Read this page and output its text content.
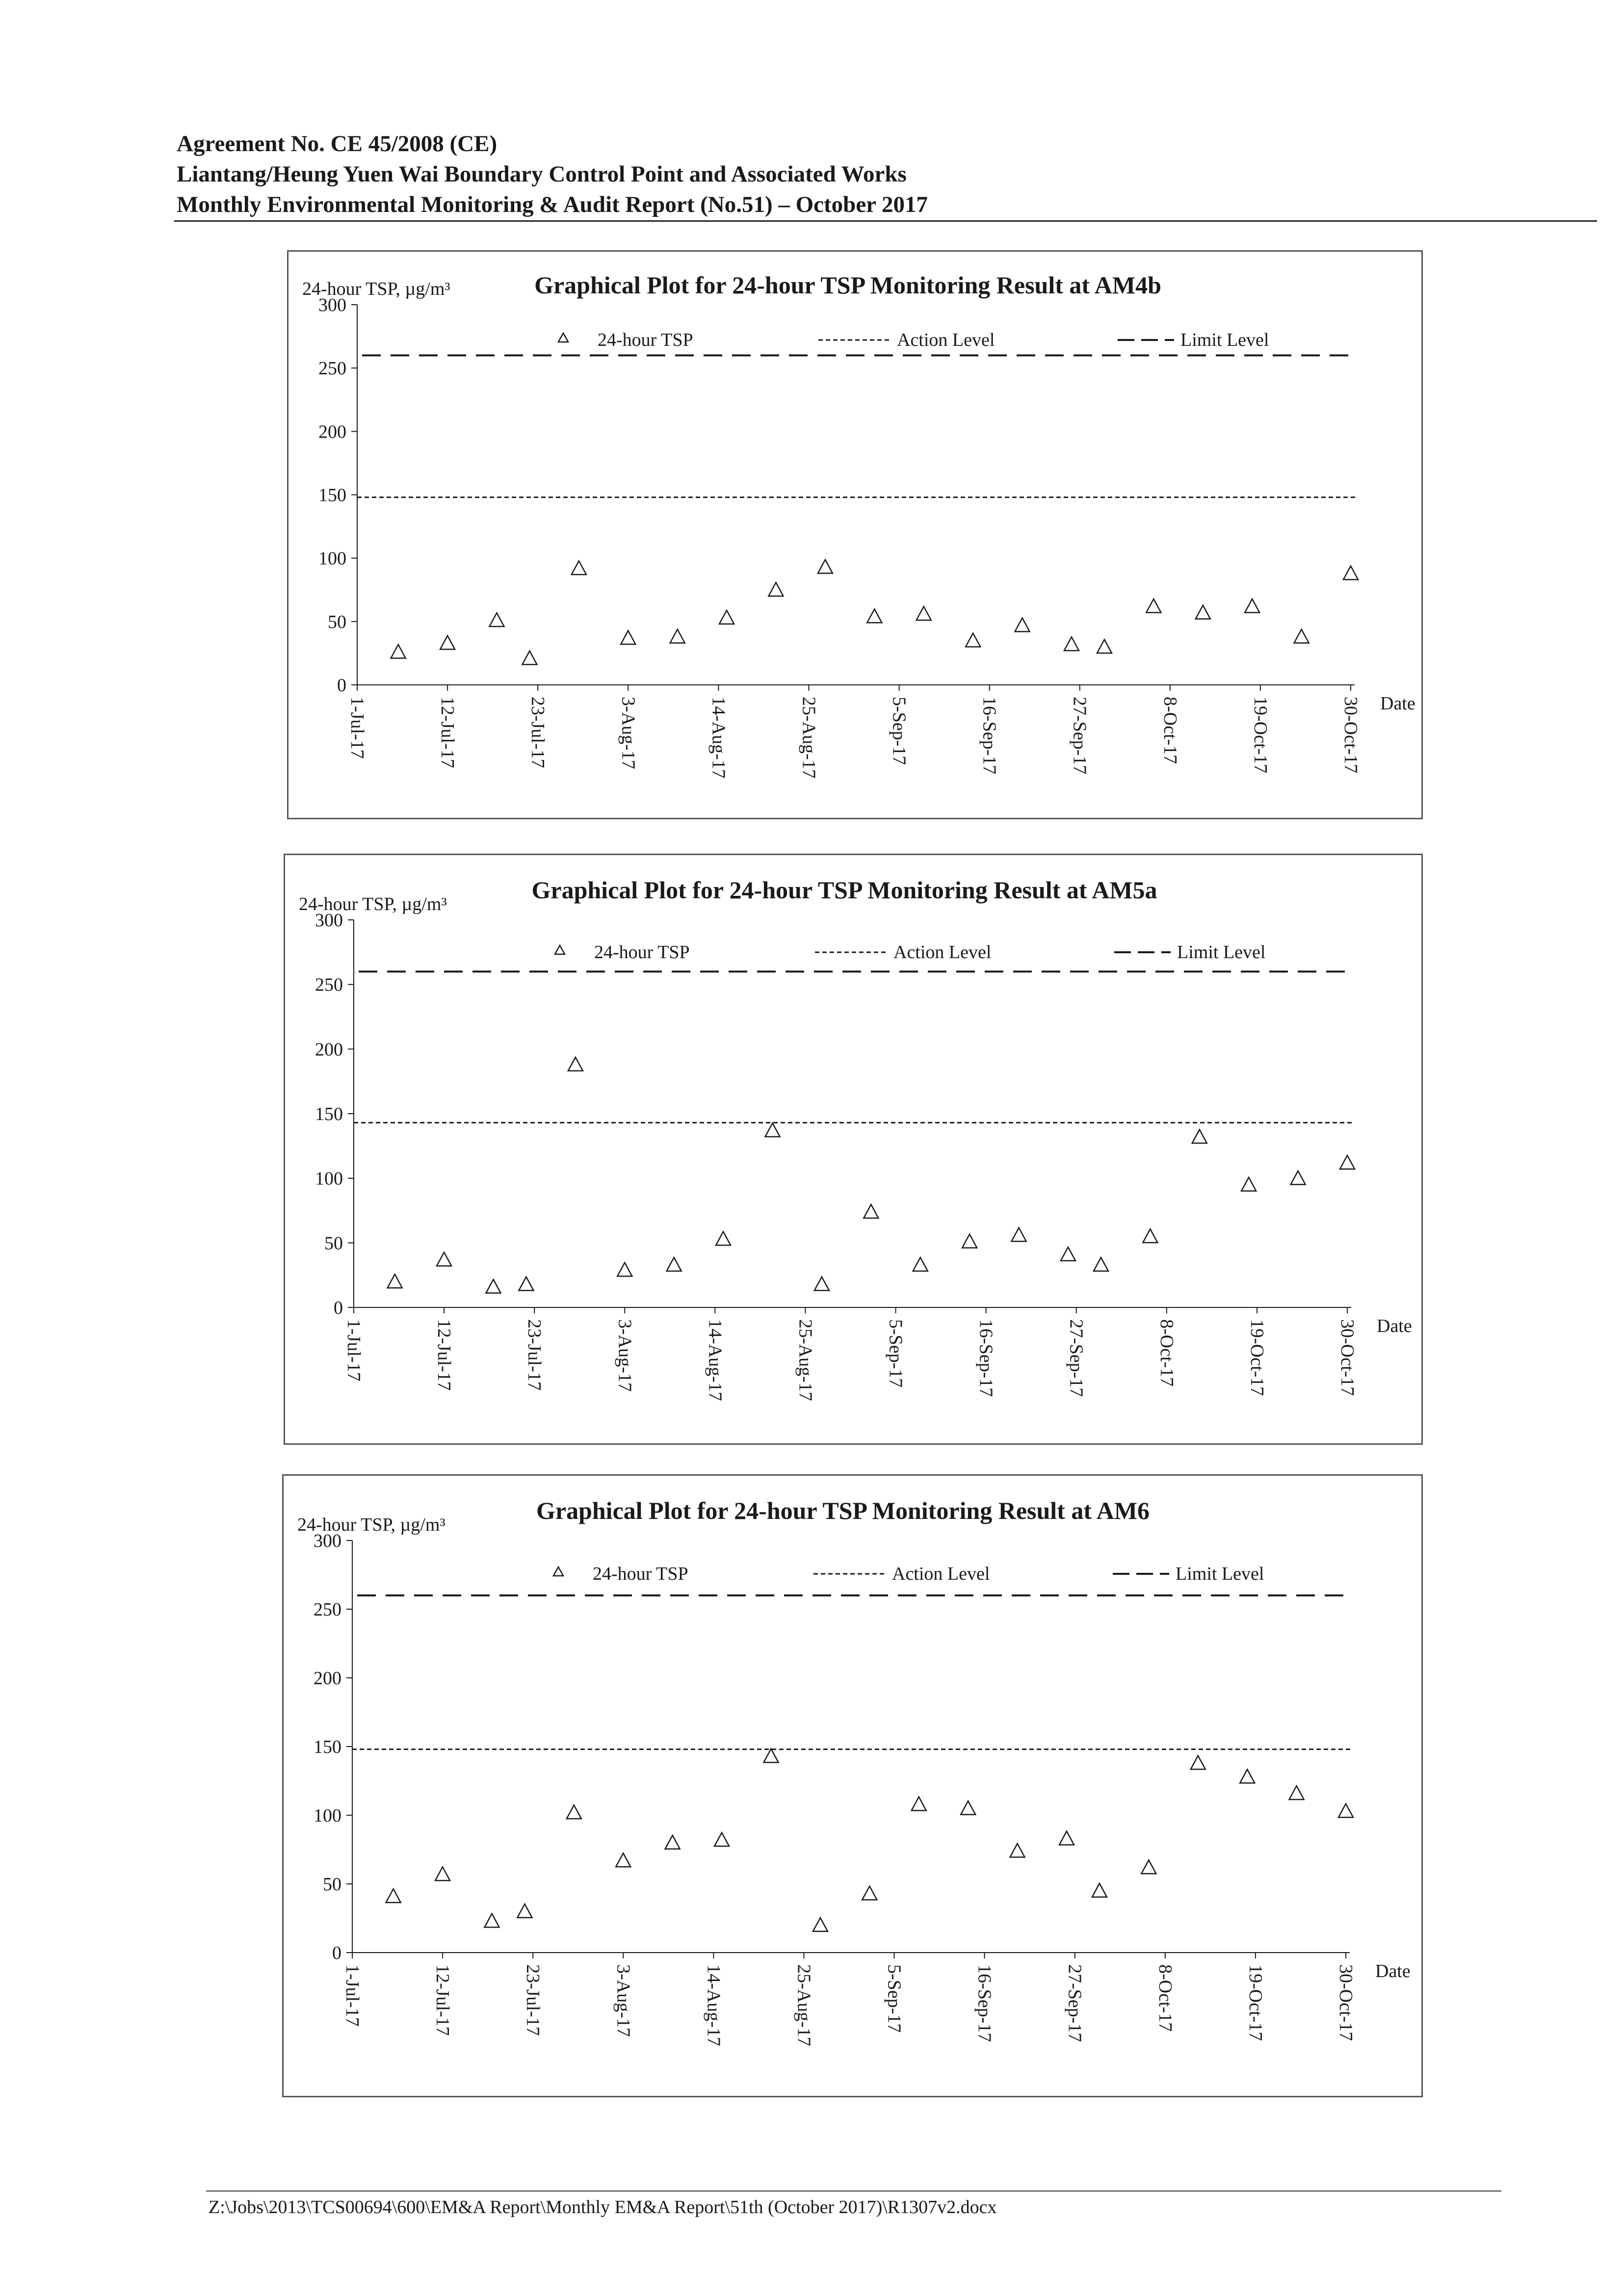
Agreement No. CE 45/2008 (CE)
Liantang/Heung Yuen Wai Boundary Control Point and Associated Works
Monthly Environmental Monitoring & Audit Report (No.51) – October 2017
Graphical Plot for 24-hour TSP Monitoring Result at AM4b
24-hour TSP, µg/m³
Date
0
50
100
150
200
250
300
1-Jul-17	12-Jul-17	23-Jul-17	3-Aug-17	14-Aug-17	25-Aug-17	5-Sep-17	16-Sep-17	27-Sep-17	8-Oct-17	19-Oct-17	30-Oct-17
24-hour TSP	Action Level	Limit Level
Graphical Plot for 24-hour TSP Monitoring Result at AM5a
24-hour TSP, µg/m³
Date
0
50
100
150
200
250
300
1-Jul-17	12-Jul-17	23-Jul-17	3-Aug-17	14-Aug-17	25-Aug-17	5-Sep-17	16-Sep-17	27-Sep-17	8-Oct-17	19-Oct-17	30-Oct-17
24-hour TSP	Action Level	Limit Level
Graphical Plot for 24-hour TSP Monitoring Result at AM6
24-hour TSP, µg/m³
Date
0
50
100
150
200
250
300
1-Jul-17	12-Jul-17	23-Jul-17	3-Aug-17	14-Aug-17	25-Aug-17	5-Sep-17	16-Sep-17	27-Sep-17	8-Oct-17	19-Oct-17	30-Oct-17
24-hour TSP	Action Level	Limit Level
Z:\Jobs\2013\TCS00694\600\EM&A Report\Monthly EM&A Report\51th (October 2017)\R1307v2.docx
